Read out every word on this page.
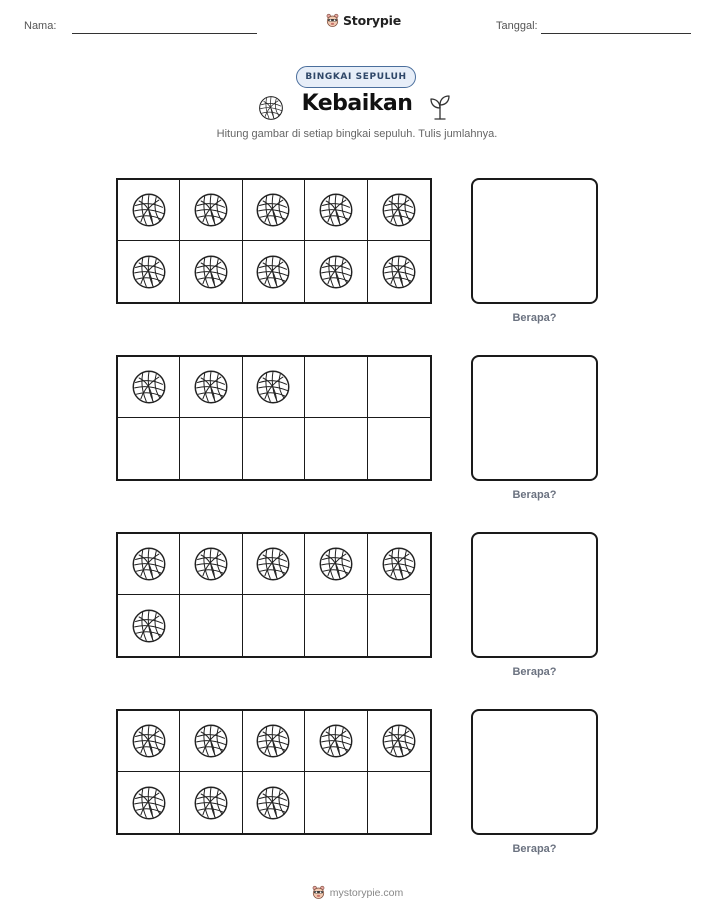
Nama:	Storypie	Tanggal:
BINGKAI SEPULUH
Kebaikan
Hitung gambar di setiap bingkai sepuluh. Tulis jumlahnya.
Berapa?
Berapa?
Berapa?
Berapa?
mystorypie.com
